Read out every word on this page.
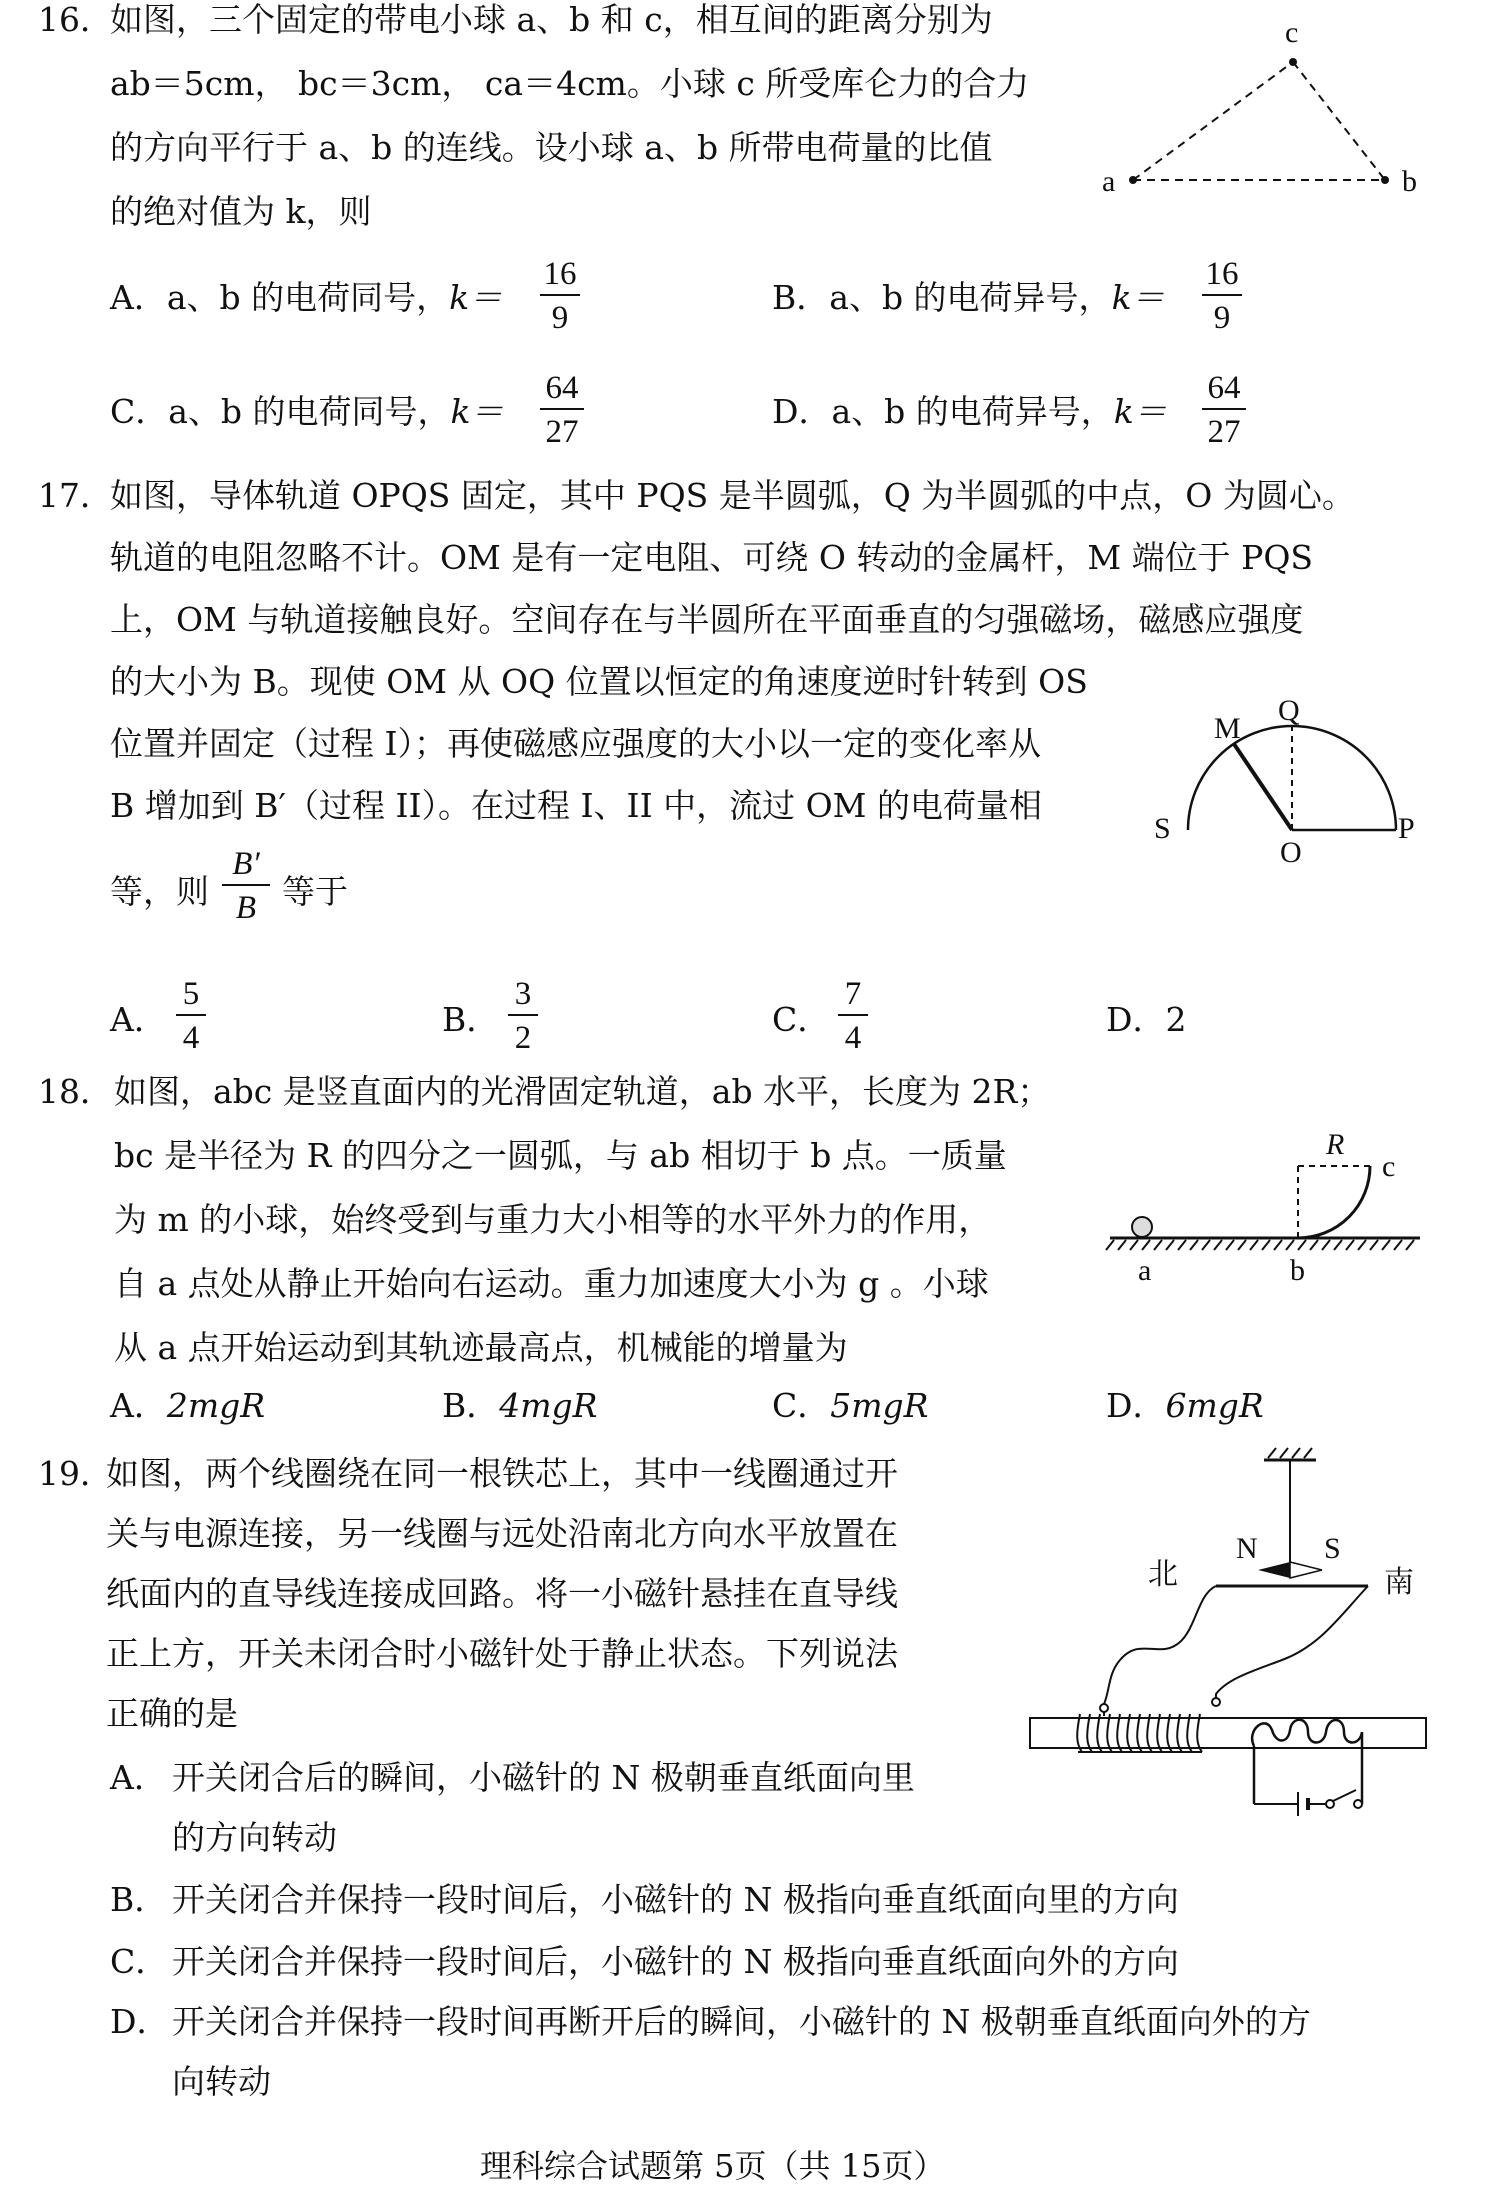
16．
如图，三个固定的带电小球 a、b 和 c，相互间的距离分别为
ab＝5cm， bc＝3cm， ca＝4cm。小球 c 所受库仑力的合力
的方向平行于 a、b 的连线。设小球 a、b 所带电荷量的比值
的绝对值为 k，则
A．a、b 的电荷同号，k＝
16
9
B．a、b 的电荷异号，k＝
16
9
C．a、b 的电荷同号，k＝
64
27
D．a、b 的电荷异号，k＝
64
27
a	b
c
17．
如图，导体轨道 OPQS 固定，其中 PQS 是半圆弧，Q 为半圆弧的中点，O 为圆心。
轨道的电阻忽略不计。OM 是有一定电阻、可绕 O 转动的金属杆，M 端位于 PQS
上，OM 与轨道接触良好。空间存在与半圆所在平面垂直的匀强磁场，磁感应强度
的大小为 B。现使 OM 从 OQ 位置以恒定的角速度逆时针转到 OS
位置并固定（过程 I）；再使磁感应强度的大小以一定的变化率从
B 增加到 B′（过程 II）。在过程 I、II 中，流过 OM 的电荷量相
等，则
B′
B 等于
A．
5
4	B．
3
2	C．
7
4	D．2
M
Q
S
O
P
18． 如图，abc 是竖直面内的光滑固定轨道，ab 水平，长度为 2R；
bc 是半径为 R 的四分之一圆弧，与 ab 相切于 b 点。一质量
为 m 的小球，始终受到与重力大小相等的水平外力的作用，
自 a 点处从静止开始向右运动。重力加速度大小为 g 。小球
从 a 点开始运动到其轨迹最高点，机械能的增量为
A．2mgR	B．4mgR	C．5mgR	D．6mgR
R
c
a	b
19．
如图，两个线圈绕在同一根铁芯上，其中一线圈通过开
关与电源连接，另一线圈与远处沿南北方向水平放置在
纸面内的直导线连接成回路。将一小磁针悬挂在直导线
正上方，开关未闭合时小磁针处于静止状态。下列说法
正确的是
A． 开关闭合后的瞬间，小磁针的 N 极朝垂直纸面向里
的方向转动
B． 开关闭合并保持一段时间后，小磁针的 N 极指向垂直纸面向里的方向
C． 开关闭合并保持一段时间后，小磁针的 N 极指向垂直纸面向外的方向
D． 开关闭合并保持一段时间再断开后的瞬间，小磁针的 N 极朝垂直纸面向外的方
向转动
N S
北	南
理科综合试题第 5页（共 15页）
